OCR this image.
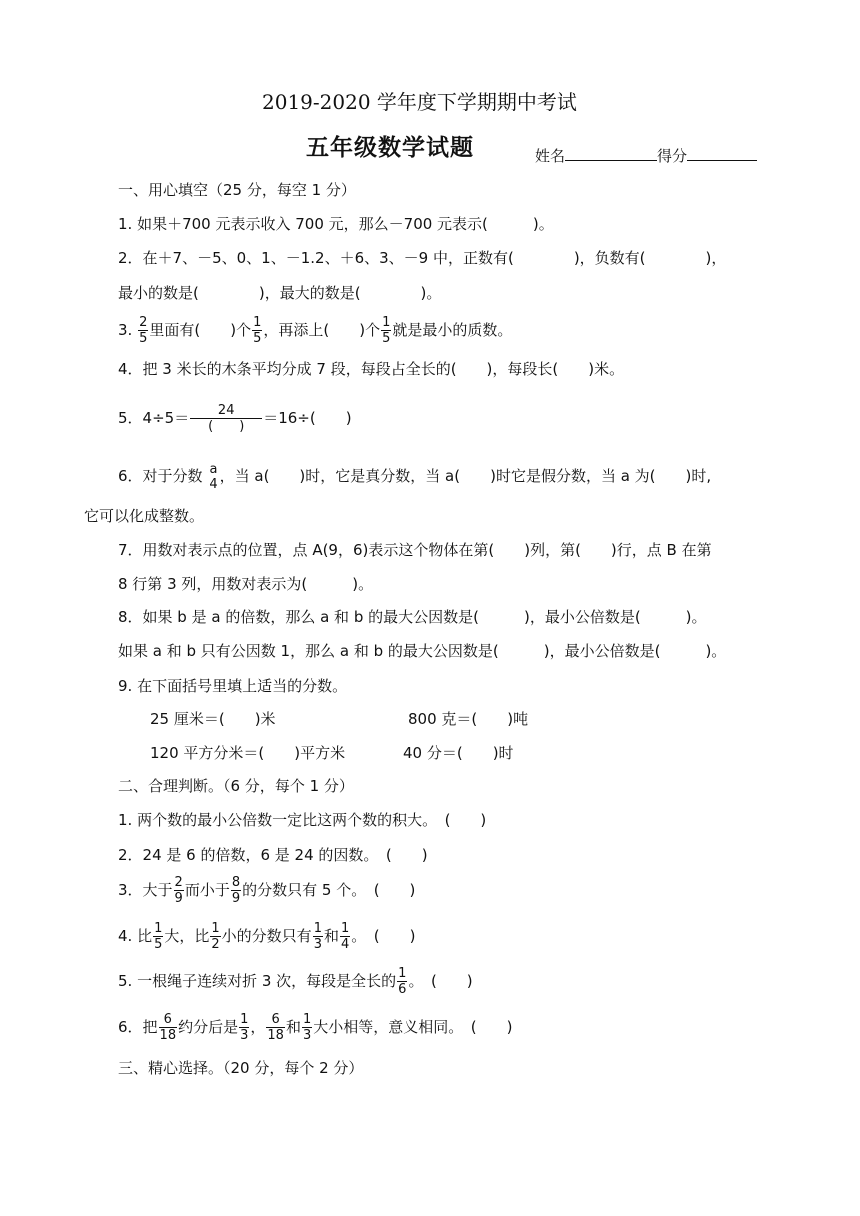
2019-2020 学年度下学期期中考试
五年级数学试题	姓名	得分
一、用心填空（25 分，每空 1 分）
1. 如果＋700 元表示收入 700 元，那么－700 元表示(　　　)。
2．在＋7、－5、0、1、－1.2、＋6、3、－9 中，正数有(　　　　)，负数有(　　　　)，
最小的数是(　　　　)，最大的数是(　　　　)。
3. $\frac{2}{5}$ 里面有(　　)个 $\frac{1}{5}$ ，再添上(　　)个 $\frac{1}{5}$ 就是最小的质数。
4．把 3 米长的木条平均分成 7 段，每段占全长的(　　)，每段长(　　)米。
5．$4\div 5= \frac{24}{( )} =16\div$(　　)
6．对于分数 a
4 ，当 a(　　)时，它是真分数，当 a(　　)时它是假分数，当 a 为(　　)时,
它可以化成整数。
7．用数对表示点的位置，点 A(9，6)表示这个物体在第(　　)列，第(　　)行，点 B 在第
8 行第 3 列，用数对表示为(　　　)。
8．如果 b 是 a 的倍数，那么 a 和 b 的最大公因数是(　　　)，最小公倍数是(　　　)。
如果 a 和 b 只有公因数 1，那么 a 和 b 的最大公因数是(　　　)，最小公倍数是(　　　)。
9. 在下面括号里填上适当的分数。
25 厘米＝(　　)米	800 克＝(　　)吨
120 平方分米＝(　　)平方米	40 分＝(　　)时
二、合理判断。（6 分，每个 1 分）
1. 两个数的最小公倍数一定比这两个数的积大。　(　　)
2．24 是 6 的倍数，6 是 24 的因数。　(　　)
3．大于 $\frac{2}{9}$ 而小于 $\frac{8}{9}$ 的分数只有 5 个。　(　　)
4. 比 $\frac{1}{5}$ 大，比 $\frac{1}{2}$ 小的分数只有 $\frac{1}{3}$ 和 $\frac{1}{4}$ 。　(　　)
5. 一根绳子连续对折 3 次，每段是全长的 $\frac{1}{6}$ 。　(　　)
6．把 $\frac{6}{18}$ 约分后是 $\frac{1}{3}$ ， $\frac{6}{18}$ 和 $\frac{1}{3}$ 大小相等，意义相同。　(　　)
三、精心选择。（20 分，每个 2 分）
